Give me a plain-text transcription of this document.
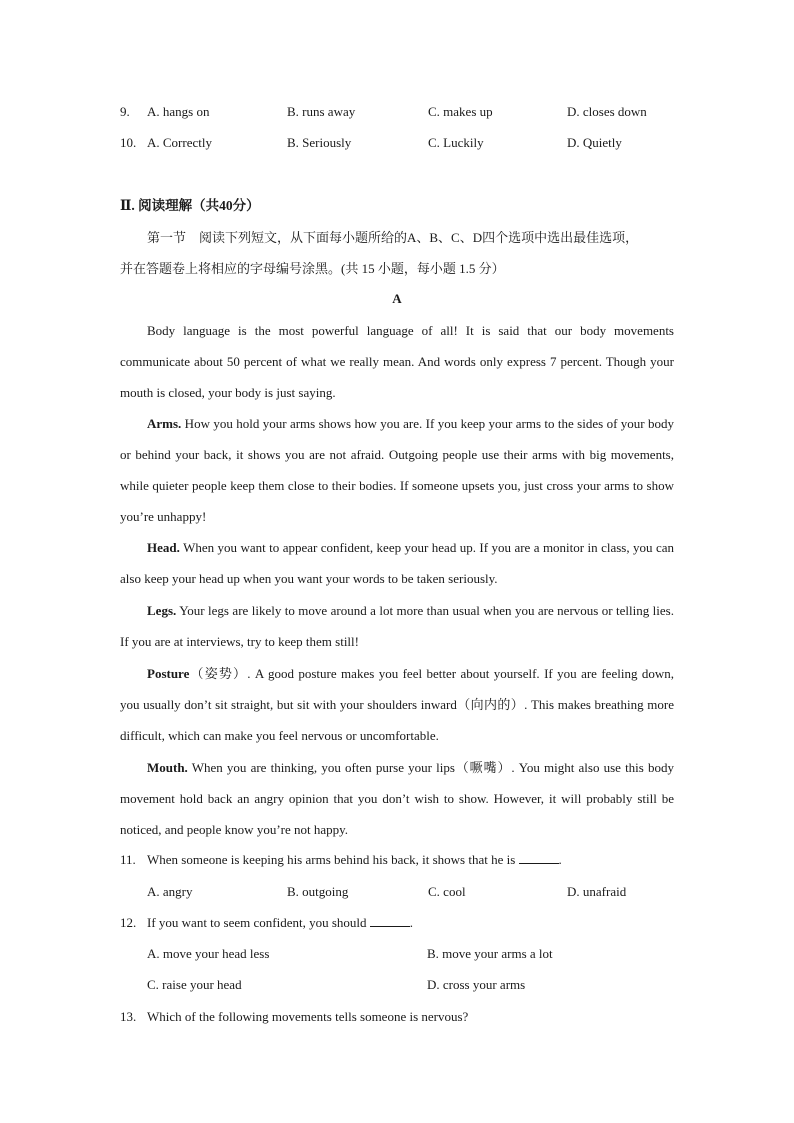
9. A. hangs on	B. runs away	C. makes up	D. closes down
10. A. Correctly	B. Seriously	C. Luckily	D. Quietly
Ⅱ. 阅读理解（共40分）
第一节　阅读下列短文，从下面每小题所给的A、B、C、D四个选项中选出最佳选项，
并在答题卷上将相应的字母编号涂黑。(共 15 小题，每小题 1.5 分）
A
Body language is the most powerful language of all! It is said that our body movements communicate about 50 percent of what we really mean. And words only express 7 percent. Though your mouth is closed, your body is just saying.
Arms. How you hold your arms shows how you are. If you keep your arms to the sides of your body or behind your back, it shows you are not afraid. Outgoing people use their arms with big movements, while quieter people keep them close to their bodies. If someone upsets you, just cross your arms to show you’re unhappy!
Head. When you want to appear confident, keep your head up. If you are a monitor in class, you can also keep your head up when you want your words to be taken seriously.
Legs. Your legs are likely to move around a lot more than usual when you are nervous or telling lies. If you are at interviews, try to keep them still!
Posture（姿势）. A good posture makes you feel better about yourself. If you are feeling down, you usually don’t sit straight, but sit with your shoulders inward（向内的）. This makes breathing more difficult, which can make you feel nervous or uncomfortable.
Mouth. When you are thinking, you often purse your lips（噘嘴）. You might also use this body movement hold back an angry opinion that you don’t wish to show. However, it will probably still be noticed, and people know you’re not happy.
11. When someone is keeping his arms behind his back, it shows that he is	.
A. angry	B. outgoing	C. cool	D. unafraid
12. If you want to seem confident, you should	.
A. move your head less	B. move your arms a lot
C. raise your head	D. cross your arms
13. Which of the following movements tells someone is nervous?
